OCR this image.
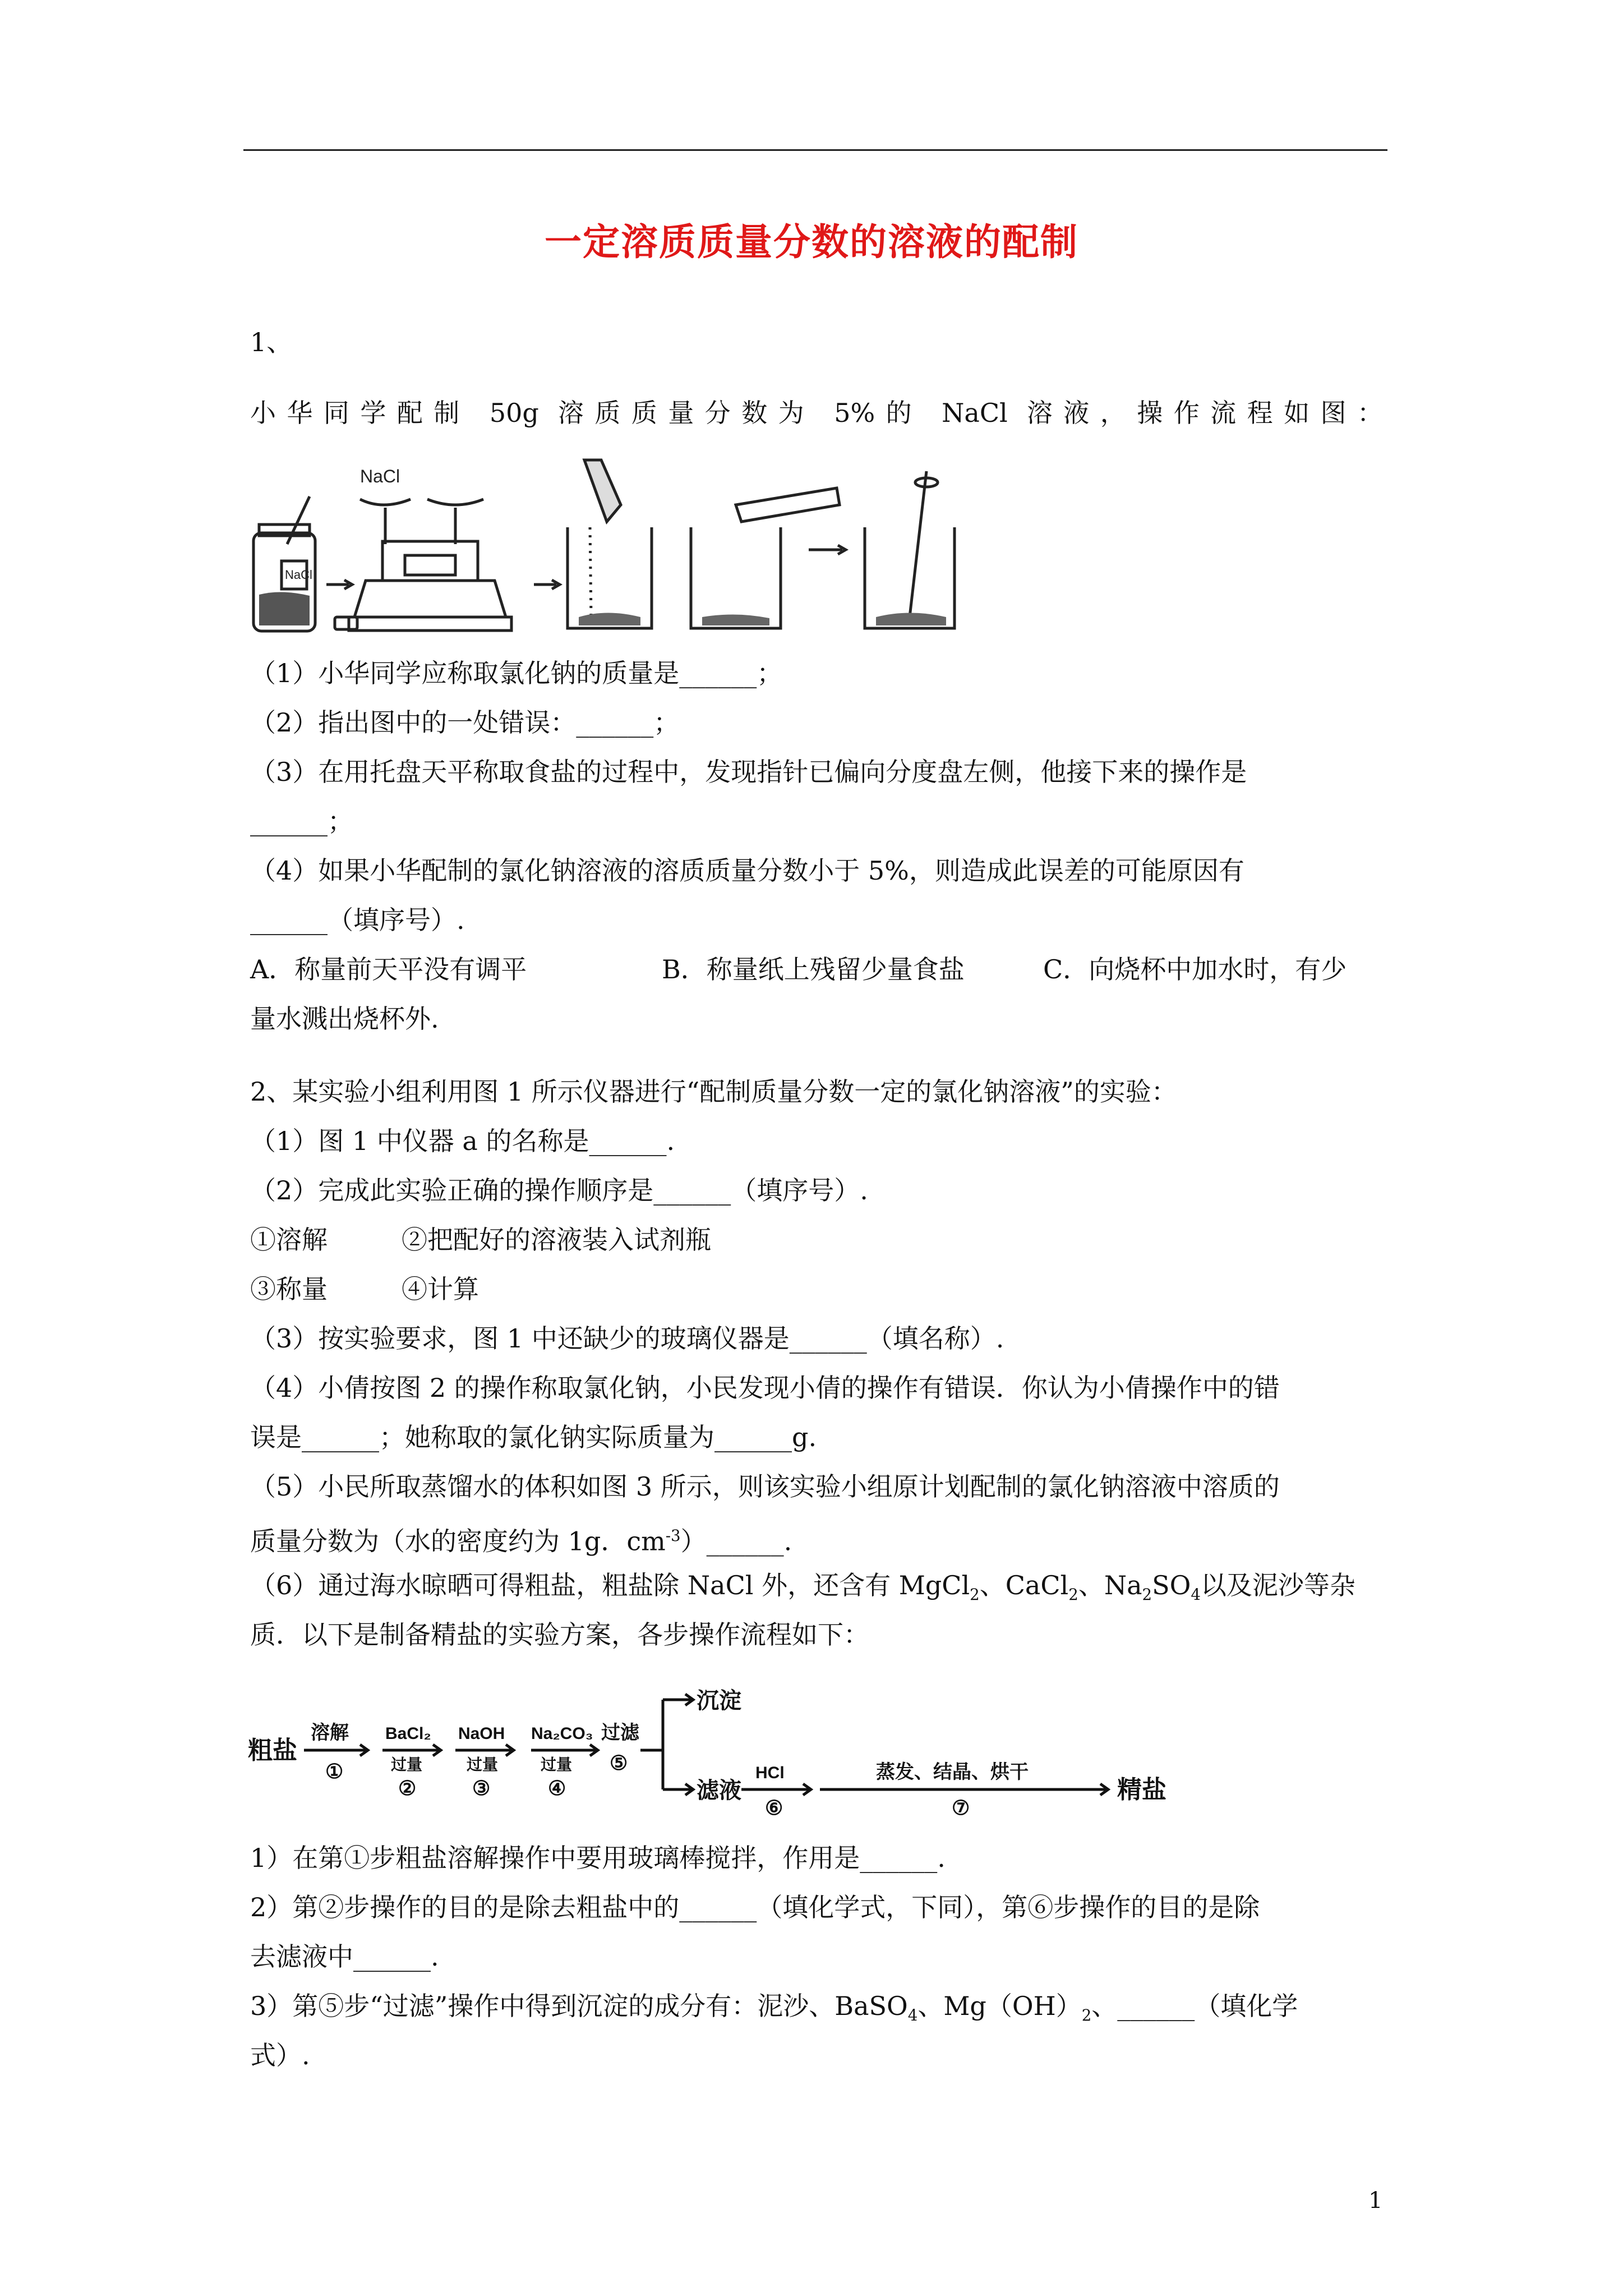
一定溶质质量分数的溶液的配制
1、
小华同学配制 50g 溶质质量分数为 5%的 NaCl 溶液，操作流程如图：
NaCl
NaCl
（1）小华同学应称取氯化钠的质量是______；
（2）指出图中的一处错误：______；
（3）在用托盘天平称取食盐的过程中，发现指针已偏向分度盘左侧，他接下来的操作是
______；
（4）如果小华配制的氯化钠溶液的溶质质量分数小于 5%，则造成此误差的可能原因有
______（填序号）.
A．称量前天平没有调平	B．称量纸上残留少量食盐	C．向烧杯中加水时，有少
量水溅出烧杯外.
2、某实验小组利用图 1 所示仪器进行“配制质量分数一定的氯化钠溶液”的实验：
（1）图 1 中仪器 a 的名称是______.
（2）完成此实验正确的操作顺序是______（填序号）.
①溶解	②把配好的溶液装入试剂瓶
③称量	④计算
（3）按实验要求，图 1 中还缺少的玻璃仪器是______（填名称）.
（4）小倩按图 2 的操作称取氯化钠，小民发现小倩的操作有错误．你认为小倩操作中的错
误是______；她称取的氯化钠实际质量为______g.
（5）小民所取蒸馏水的体积如图 3 所示，则该实验小组原计划配制的氯化钠溶液中溶质的
质量分数为（水的密度约为 1g．$cm^{-3})\_\_\_\_\_\_$.
（6）通过海水晾晒可得粗盐，粗盐除 NaCl 外，还含有 MgCl$_2$、CaCl$_2$、$Na_2SO_4$以及泥沙等杂
质．以下是制备精盐的实验方案，各步操作流程如下：
粗盐
溶解
①
BaCl₂
过量
②
NaOH
过量
③
Na₂CO₃
过量
④
过滤
⑤
沉淀
滤液
HCl
⑥
蒸发、结晶、烘干
⑦
精盐
1）在第①步粗盐溶解操作中要用玻璃棒搅拌，作用是______.
2）第②步操作的目的是除去粗盐中的______（填化学式，下同），第⑥步操作的目的是除
去滤液中______.
3）第⑤步“过滤”操作中得到沉淀的成分有：泥沙、BaSO$_4$、$Mg(OH)_2$、______（填化学
式）.
1
